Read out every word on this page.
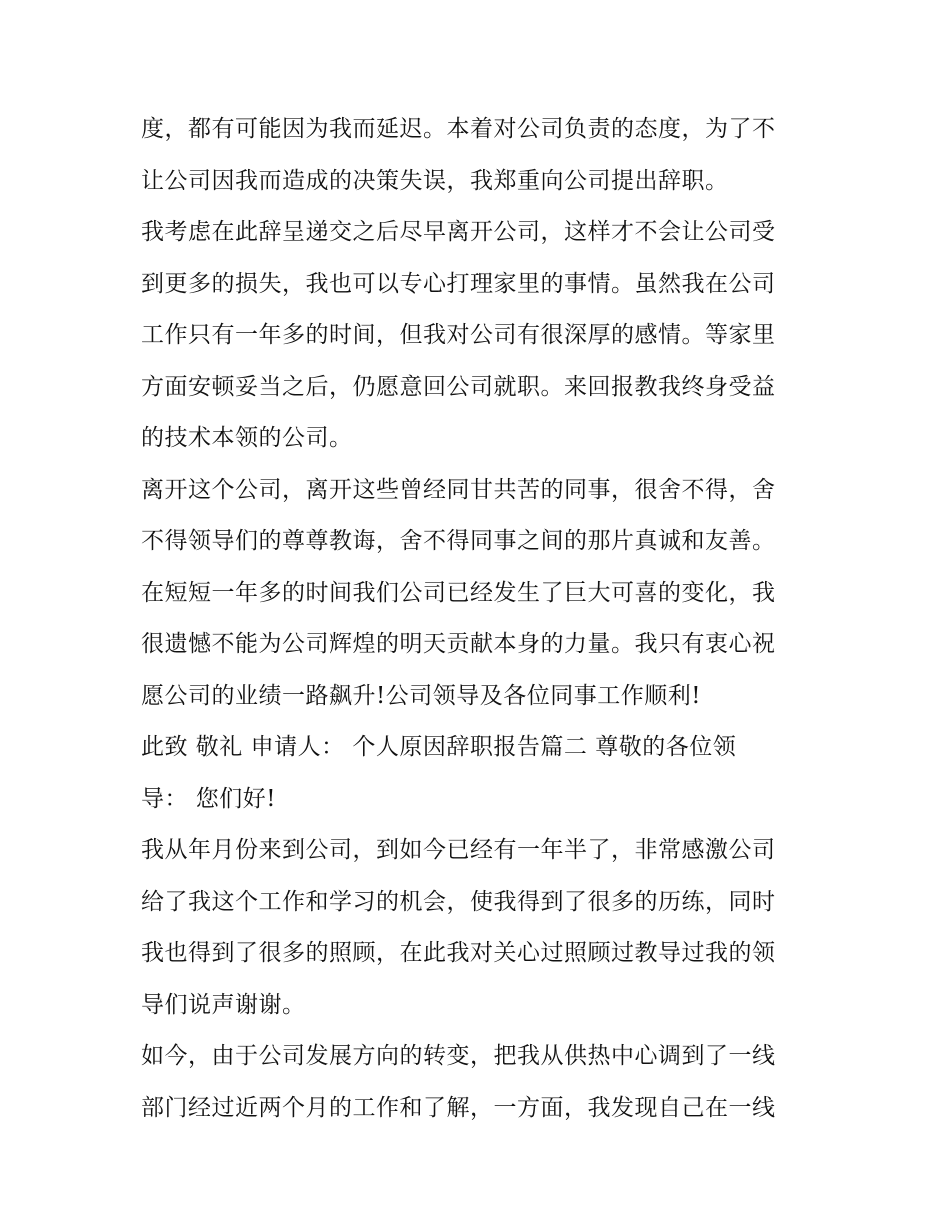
度，都有可能因为我而延迟。本着对公司负责的态度，为了不
让公司因我而造成的决策失误，我郑重向公司提出辞职。
我考虑在此辞呈递交之后尽早离开公司，这样才不会让公司受
到更多的损失，我也可以专心打理家里的事情。虽然我在公司
工作只有一年多的时间，但我对公司有很深厚的感情。等家里
方面安顿妥当之后，仍愿意回公司就职。来回报教我终身受益
的技术本领的公司。
离开这个公司，离开这些曾经同甘共苦的同事，很舍不得，舍
不得领导们的尊尊教诲，舍不得同事之间的那片真诚和友善。
在短短一年多的时间我们公司已经发生了巨大可喜的变化，我
很遗憾不能为公司辉煌的明天贡献本身的力量。我只有衷心祝
愿公司的业绩一路飙升!公司领导及各位同事工作顺利!
此致 敬礼 申请人： 个人原因辞职报告篇二 尊敬的各位领
导： 您们好!
我从年月份来到公司，到如今已经有一年半了，非常感激公司
给了我这个工作和学习的机会，使我得到了很多的历练，同时
我也得到了很多的照顾，在此我对关心过照顾过教导过我的领
导们说声谢谢。
如今，由于公司发展方向的转变，把我从供热中心调到了一线
部门经过近两个月的工作和了解，一方面，我发现自己在一线
